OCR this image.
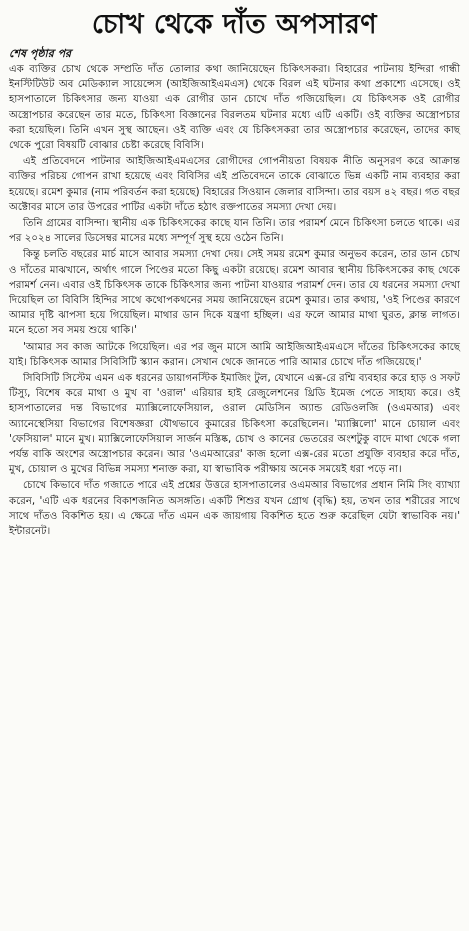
চোখ থেকে দাঁত অপসারণ
শেষ পৃষ্ঠার পর

এক ব্যক্তির চোখ থেকে সম্প্রতি দাঁত তোলার কথা জানিয়েছেন চিকিৎসকরা। বিহারের পাটনায় ইন্দিরা গান্ধী ইনস্টিটিউট অব মেডিক্যাল সায়েন্সেস (আইজিআইএমএস) থেকে বিরল এই ঘটনার কথা প্রকাশ্যে এসেছে। ওই হাসপাতালে চিকিৎসার জন্য যাওয়া এক রোগীর ডান চোখে দাঁত গজিয়েছিল। যে চিকিৎসক ওই রোগীর অস্ত্রোপচার করেছেন তার মতে, চিকিৎসা বিজ্ঞানের বিরলতম ঘটনার মধ্যে এটি একটি। ওই ব্যক্তির অস্ত্রোপচার করা হয়েছিল। তিনি এখন সুস্থ আছেন। ওই ব্যক্তি এবং যে চিকিৎসকরা তার অস্ত্রোপচার করেছেন, তাদের কাছ থেকে পুরো বিষয়টি বোঝার চেষ্টা করেছে বিবিসি।

এই প্রতিবেদনে পাটনার আইজিআইএমএসের রোগীদের গোপনীয়তা বিষয়ক নীতি অনুসরণ করে আক্রান্ত ব্যক্তির পরিচয় গোপন রাখা হয়েছে এবং বিবিসির এই প্রতিবেদনে তাকে বোঝাতে ভিন্ন একটি নাম ব্যবহার করা হয়েছে। রমেশ কুমার (নাম পরিবর্তন করা হয়েছে) বিহারের সিওয়ান জেলার বাসিন্দা। তার বয়স ৪২ বছর। গত বছর অক্টোবর মাসে তার উপরের পাটির একটা দাঁতে হঠাৎ রক্তপাতের সমস্যা দেখা দেয়।

তিনি গ্রামের বাসিন্দা। স্থানীয় এক চিকিৎসকের কাছে যান তিনি। তার পরামর্শ মেনে চিকিৎসা চলতে থাকে। এর পর ২০২৪ সালের ডিসেম্বর মাসের মধ্যে সম্পূর্ণ সুস্থ হয়ে ওঠেন তিনি।

কিন্তু চলতি বছরের মার্চ মাসে আবার সমস্যা দেখা দেয়। সেই সময় রমেশ কুমার অনুভব করেন, তার ডান চোখ ও দাঁতের মাঝখানে, অর্থাৎ গালে পিণ্ডের মতো কিছু একটা রয়েছে। রমেশ আবার স্থানীয় চিকিৎসকের কাছ থেকে পরামর্শ নেন। এবার ওই চিকিৎসক তাকে চিকিৎসার জন্য পাটনা যাওয়ার পরামর্শ দেন। তার যে ধরনের সমস্যা দেখা দিয়েছিল তা বিবিসি হিন্দির সাথে কথোপকথনের সময় জানিয়েছেন রমেশ কুমার। তার কথায়, 'ওই পিণ্ডের কারণে আমার দৃষ্টি ঝাপসা হয়ে গিয়েছিল। মাথার ডান দিকে যন্ত্রণা হচ্ছিল। এর ফলে আমার মাথা ঘুরত, ক্লান্ত লাগত। মনে হতো সব সময় শুয়ে থাকি।'

'আমার সব কাজ আটকে গিয়েছিল। এর পর জুন মাসে আমি আইজিআইএমএসে দাঁতের চিকিৎসকের কাছে যাই। চিকিৎসক আমার সিবিসিটি স্ক্যান করান। সেখান থেকে জানতে পারি আমার চোখে দাঁত গজিয়েছে।'

সিবিসিটি সিস্টেম এমন এক ধরনের ডায়াগনস্টিক ইমাজিং টুল, যেখানে এক্স-রে রশ্মি ব্যবহার করে হাড় ও সফট টিস্যু, বিশেষ করে মাথা ও মুখ বা 'ওরাল' এরিয়ার হাই রেজুলেশনের থ্রিডি ইমেজ পেতে সাহায্য করে। ওই হাসপাতালের দন্ত বিভাগের ম্যাক্সিলোফেসিয়াল, ওরাল মেডিসিন অ্যান্ড রেডিওলজি (ওএমআর) এবং অ্যানেস্থেসিয়া বিভাগের বিশেষজ্ঞরা যৌথভাবে কুমারের চিকিৎসা করেছিলেন। 'ম্যাক্সিলো' মানে চোয়াল এবং 'ফেসিয়াল' মানে মুখ। ম্যাক্সিলোফেসিয়াল সার্জন মস্তিষ্ক, চোখ ও কানের ভেতরের অংশটুকু বাদে মাথা থেকে গলা পর্যন্ত বাকি অংশের অস্ত্রোপচার করেন। আর 'ওএমআরের' কাজ হলো এক্স-রের মতো প্রযুক্তি ব্যবহার করে দাঁত, মুখ, চোয়াল ও মুখের বিভিন্ন সমস্যা শনাক্ত করা, যা স্বাভাবিক পরীক্ষায় অনেক সময়েই ধরা পড়ে না।

চোখে কিভাবে দাঁত গজাতে পারে এই প্রশ্নের উত্তরে হাসপাতালের ওএমআর বিভাগের প্রধান নিমি সিং ব্যাখ্যা করেন, 'এটি এক ধরনের বিকাশজনিত অসঙ্গতি। একটি শিশুর যখন গ্রোথ (বৃদ্ধি) হয়, তখন তার শরীরের সাথে সাথে দাঁতও বিকশিত হয়। এ ক্ষেত্রে দাঁত এমন এক জায়গায় বিকশিত হতে শুরু করেছিল যেটা স্বাভাবিক নয়।' ইন্টারনেট।
